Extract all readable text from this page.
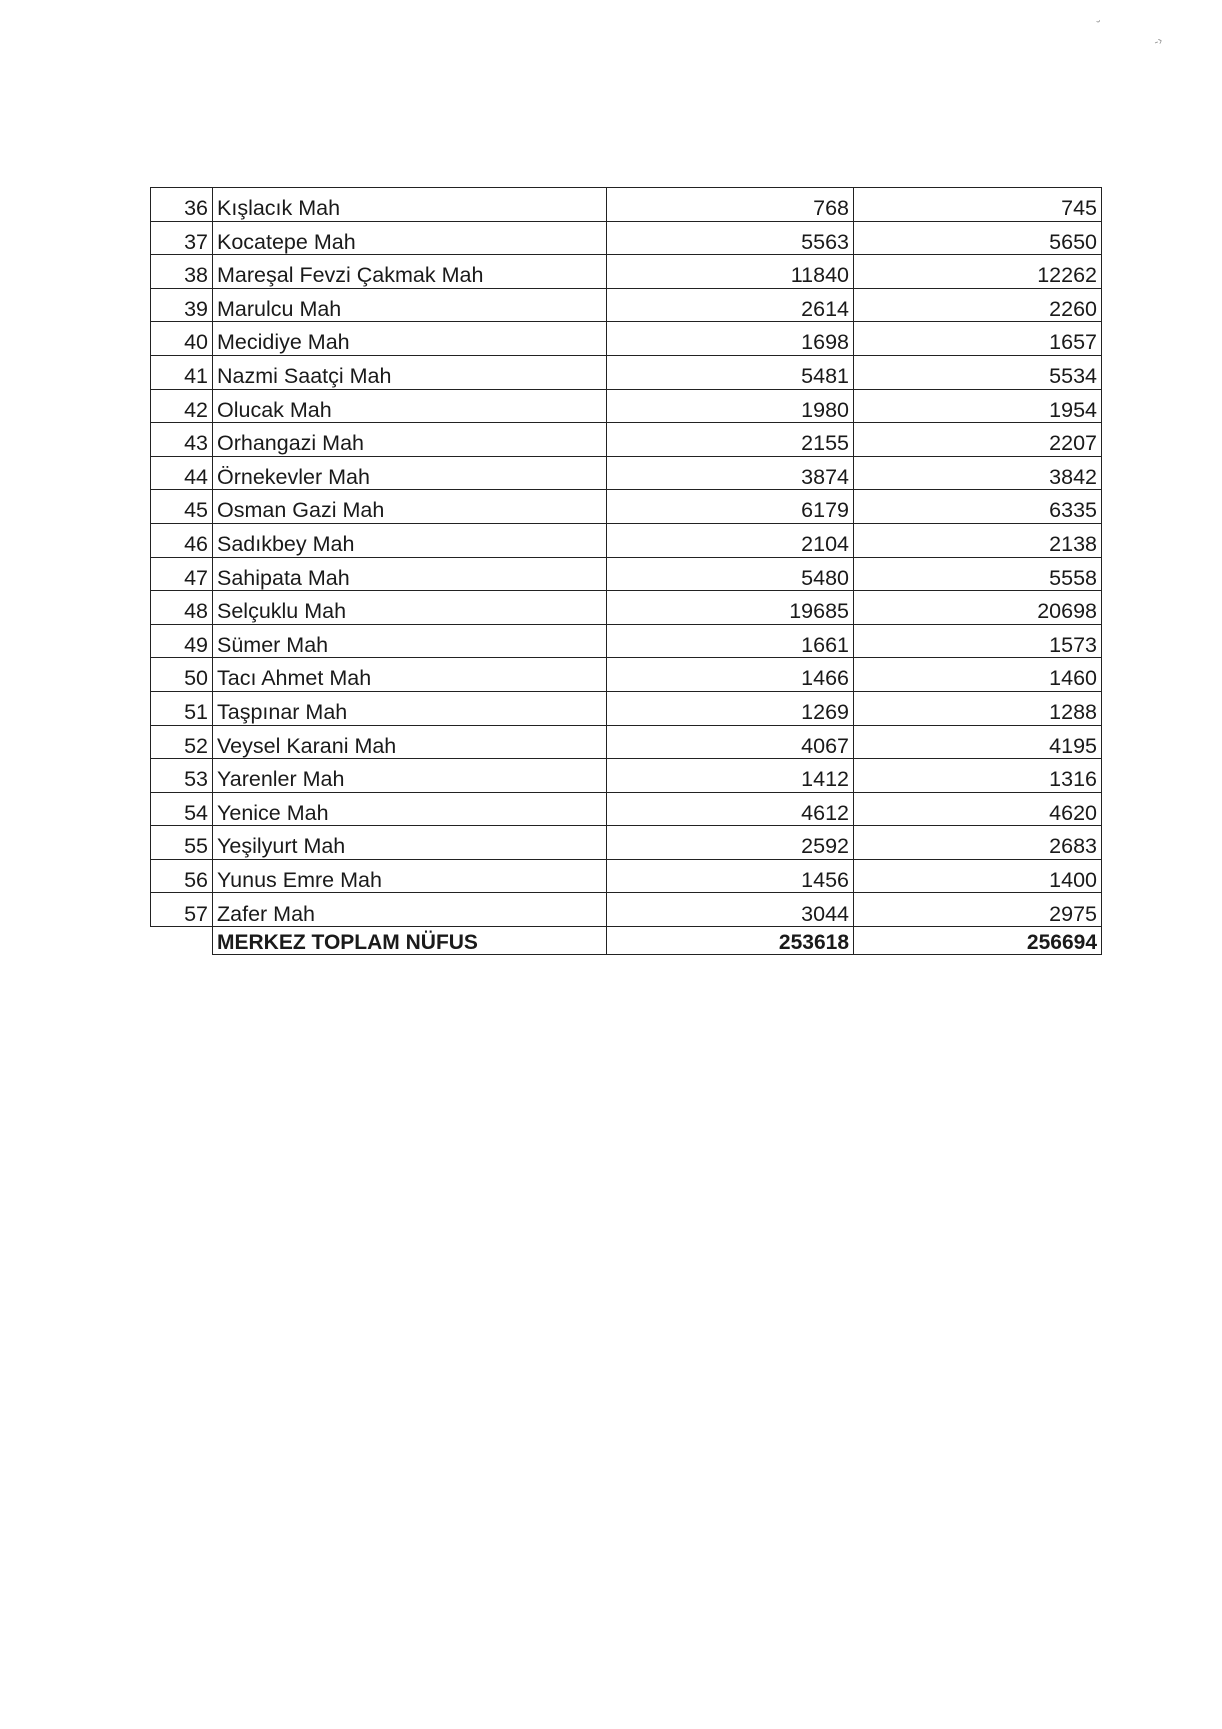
˘
-›
36	Kışlacık Mah	768	745
37	Kocatepe Mah	5563	5650
38	Mareşal Fevzi Çakmak Mah	11840	12262
39	Marulcu Mah	2614	2260
40	Mecidiye Mah	1698	1657
41	Nazmi Saatçi Mah	5481	5534
42	Olucak Mah	1980	1954
43	Orhangazi Mah	2155	2207
44	Örnekevler Mah	3874	3842
45	Osman Gazi Mah	6179	6335
46	Sadıkbey Mah	2104	2138
47	Sahipata Mah	5480	5558
48	Selçuklu Mah	19685	20698
49	Sümer Mah	1661	1573
50	Tacı Ahmet Mah	1466	1460
51	Taşpınar Mah	1269	1288
52	Veysel Karani Mah	4067	4195
53	Yarenler Mah	1412	1316
54	Yenice Mah	4612	4620
55	Yeşilyurt Mah	2592	2683
56	Yunus Emre Mah	1456	1400
57	Zafer Mah	3044	2975
	MERKEZ TOPLAM NÜFUS	253618	256694
